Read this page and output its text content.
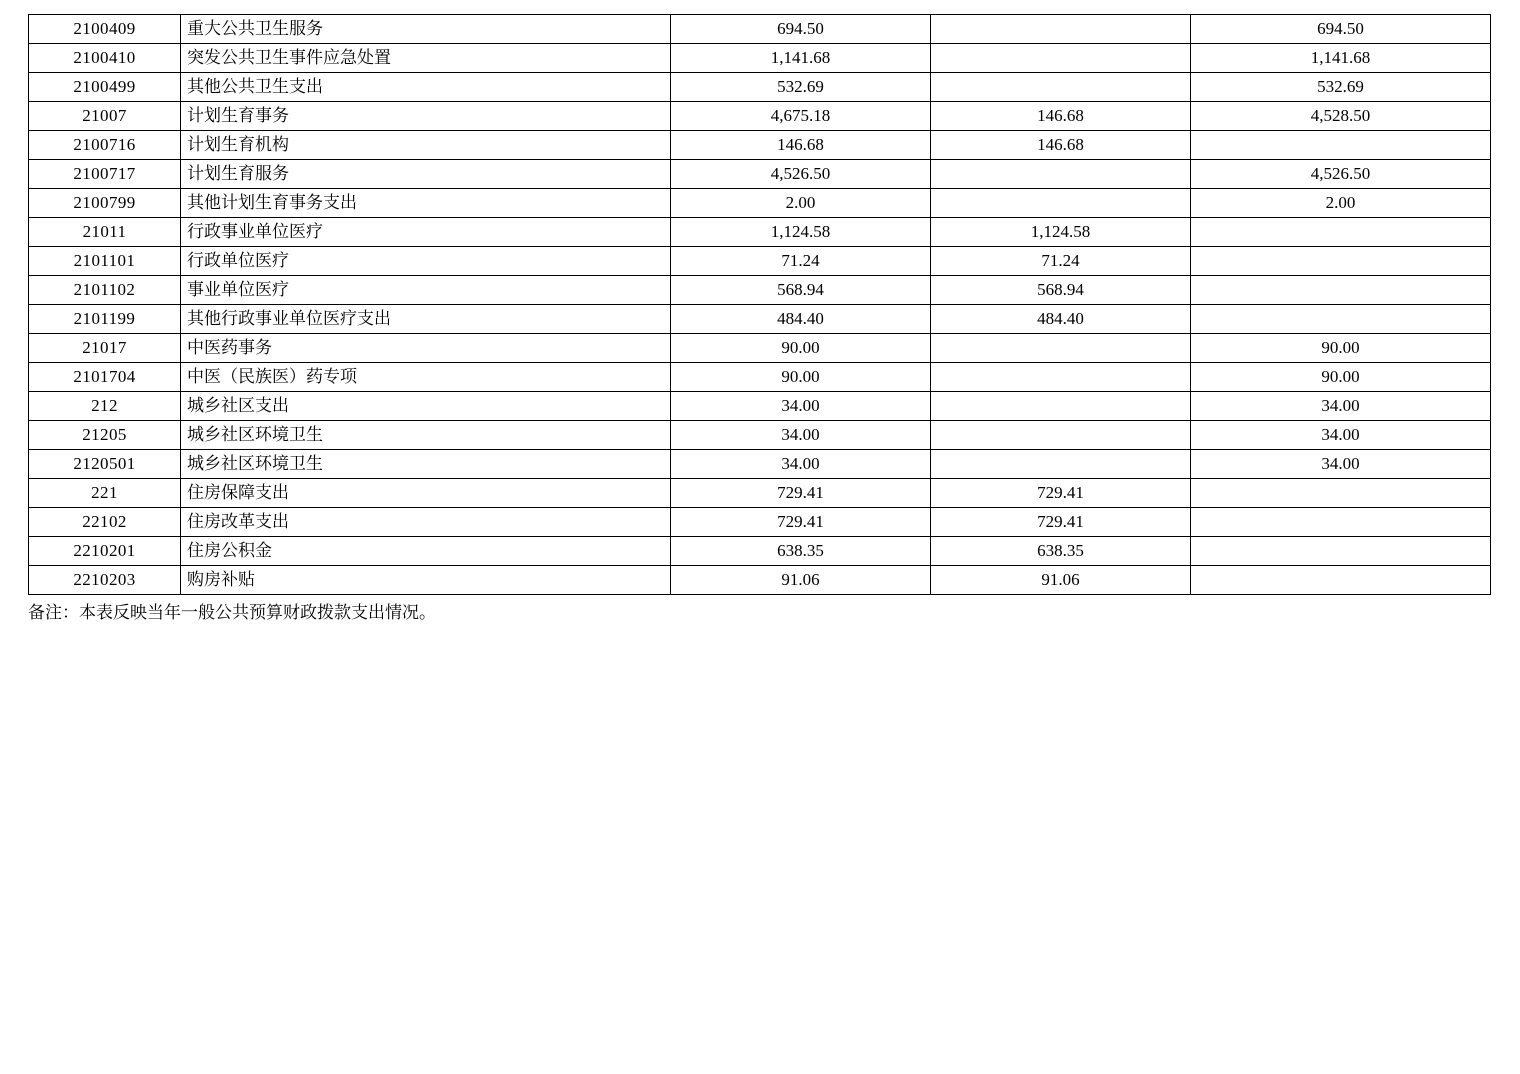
2100409	重大公共卫生服务	694.50		694.50
2100410	突发公共卫生事件应急处置	1,141.68		1,141.68
2100499	其他公共卫生支出	532.69		532.69
21007	计划生育事务	4,675.18	146.68	4,528.50
2100716	计划生育机构	146.68	146.68	
2100717	计划生育服务	4,526.50		4,526.50
2100799	其他计划生育事务支出	2.00		2.00
21011	行政事业单位医疗	1,124.58	1,124.58	
2101101	行政单位医疗	71.24	71.24	
2101102	事业单位医疗	568.94	568.94	
2101199	其他行政事业单位医疗支出	484.40	484.40	
21017	中医药事务	90.00		90.00
2101704	中医（民族医）药专项	90.00		90.00
212	城乡社区支出	34.00		34.00
21205	城乡社区环境卫生	34.00		34.00
2120501	城乡社区环境卫生	34.00		34.00
221	住房保障支出	729.41	729.41	
22102	住房改革支出	729.41	729.41	
2210201	住房公积金	638.35	638.35	
2210203	购房补贴	91.06	91.06	
备注：本表反映当年一般公共预算财政拨款支出情况。
